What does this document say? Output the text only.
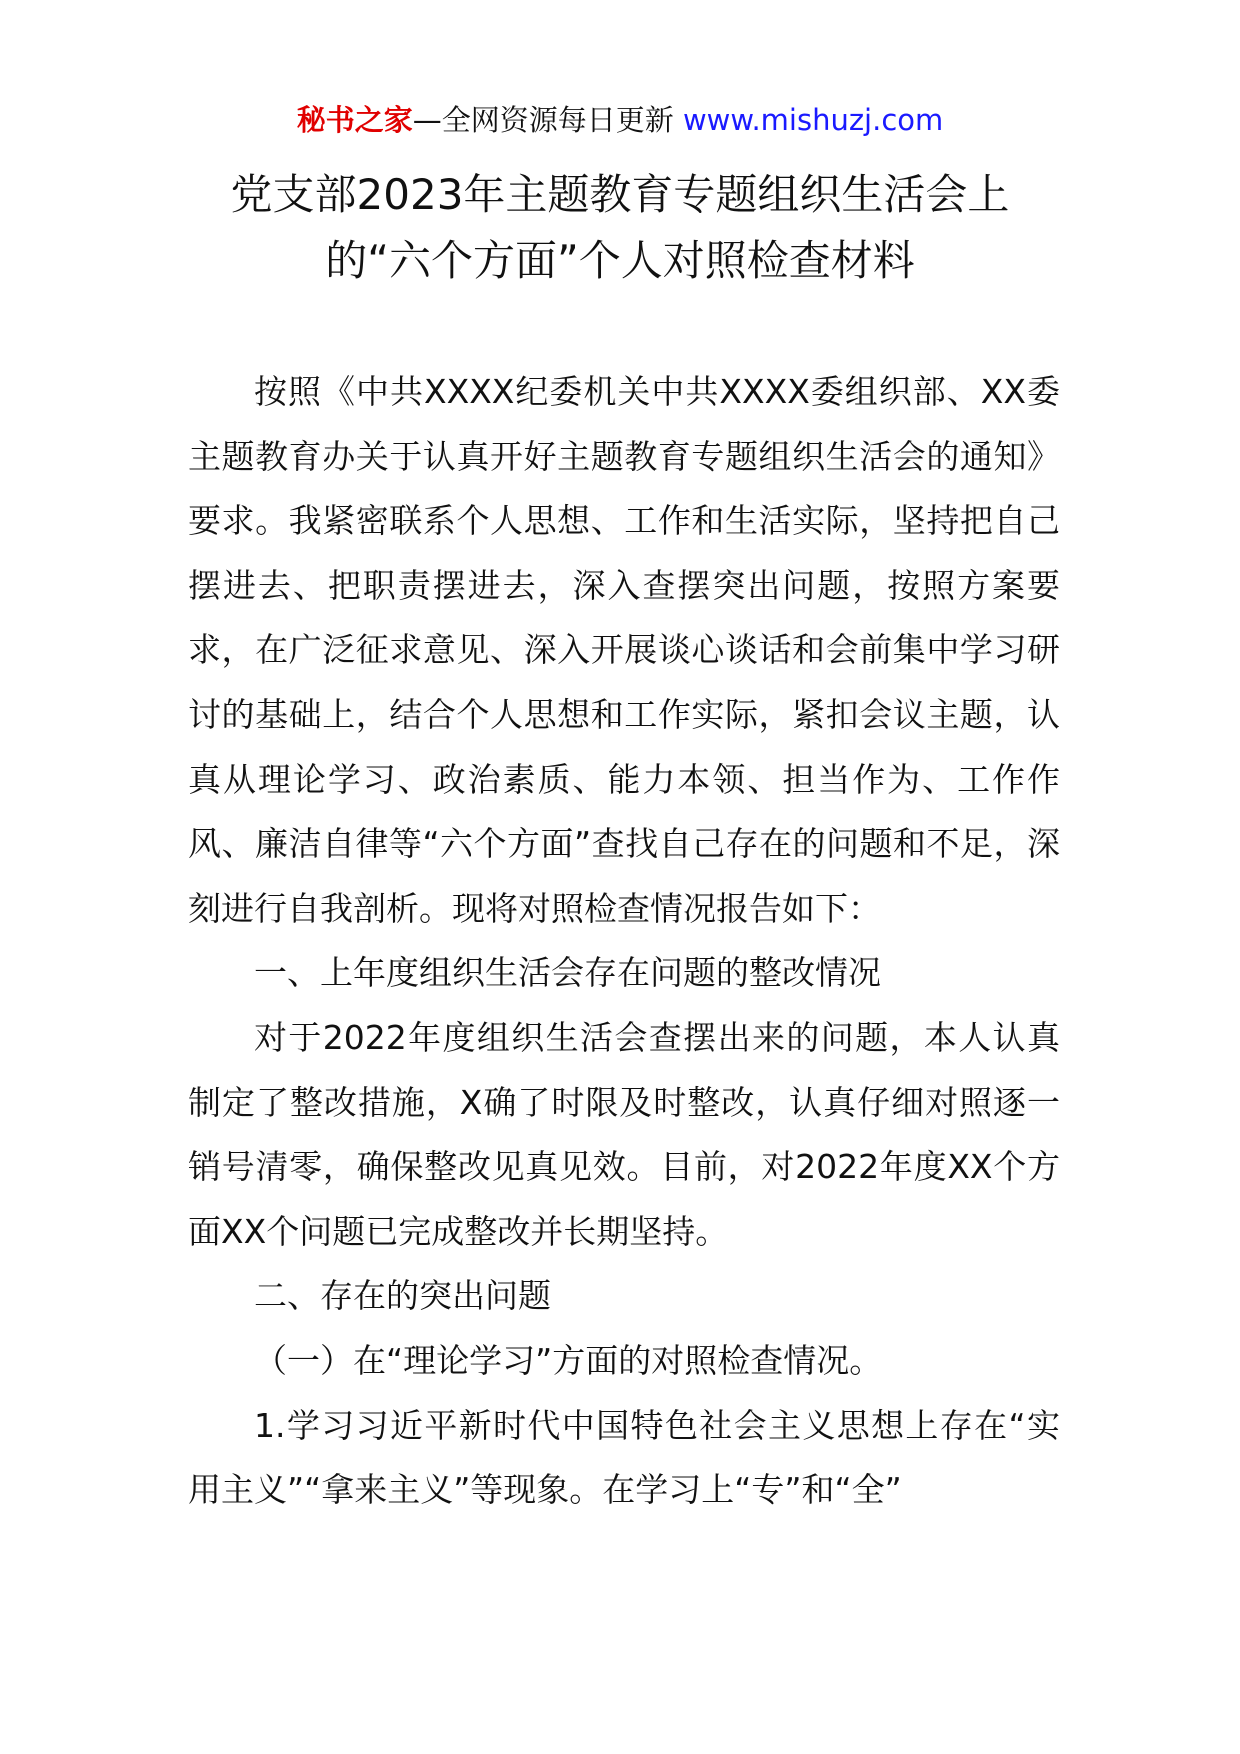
秘书之家—全网资源每日更新 www.mishuzj.com
党支部2023年主题教育专题组织生活会上
的“六个方面”个人对照检查材料

按照《中共XXXX纪委机关中共XXXX委组织部、XX委主题教育办关于认真开好主题教育专题组织生活会的通知》要求。我紧密联系个人思想、工作和生活实际，坚持把自己摆进去、把职责摆进去，深入查摆突出问题，按照方案要求，在广泛征求意见、深入开展谈心谈话和会前集中学习研讨的基础上，结合个人思想和工作实际，紧扣会议主题，认真从理论学习、政治素质、能力本领、担当作为、工作作风、廉洁自律等“六个方面”查找自己存在的问题和不足，深刻进行自我剖析。现将对照检查情况报告如下：

一、上年度组织生活会存在问题的整改情况

对于2022年度组织生活会查摆出来的问题，本人认真制定了整改措施，X确了时限及时整改，认真仔细对照逐一销号清零，确保整改见真见效。目前，对2022年度XX个方面XX个问题已完成整改并长期坚持。

二、存在的突出问题

（一）在“理论学习”方面的对照检查情况。

1.学习习近平新时代中国特色社会主义思想上存在“实用主义”“拿来主义”等现象。在学习上“专”和“全”
